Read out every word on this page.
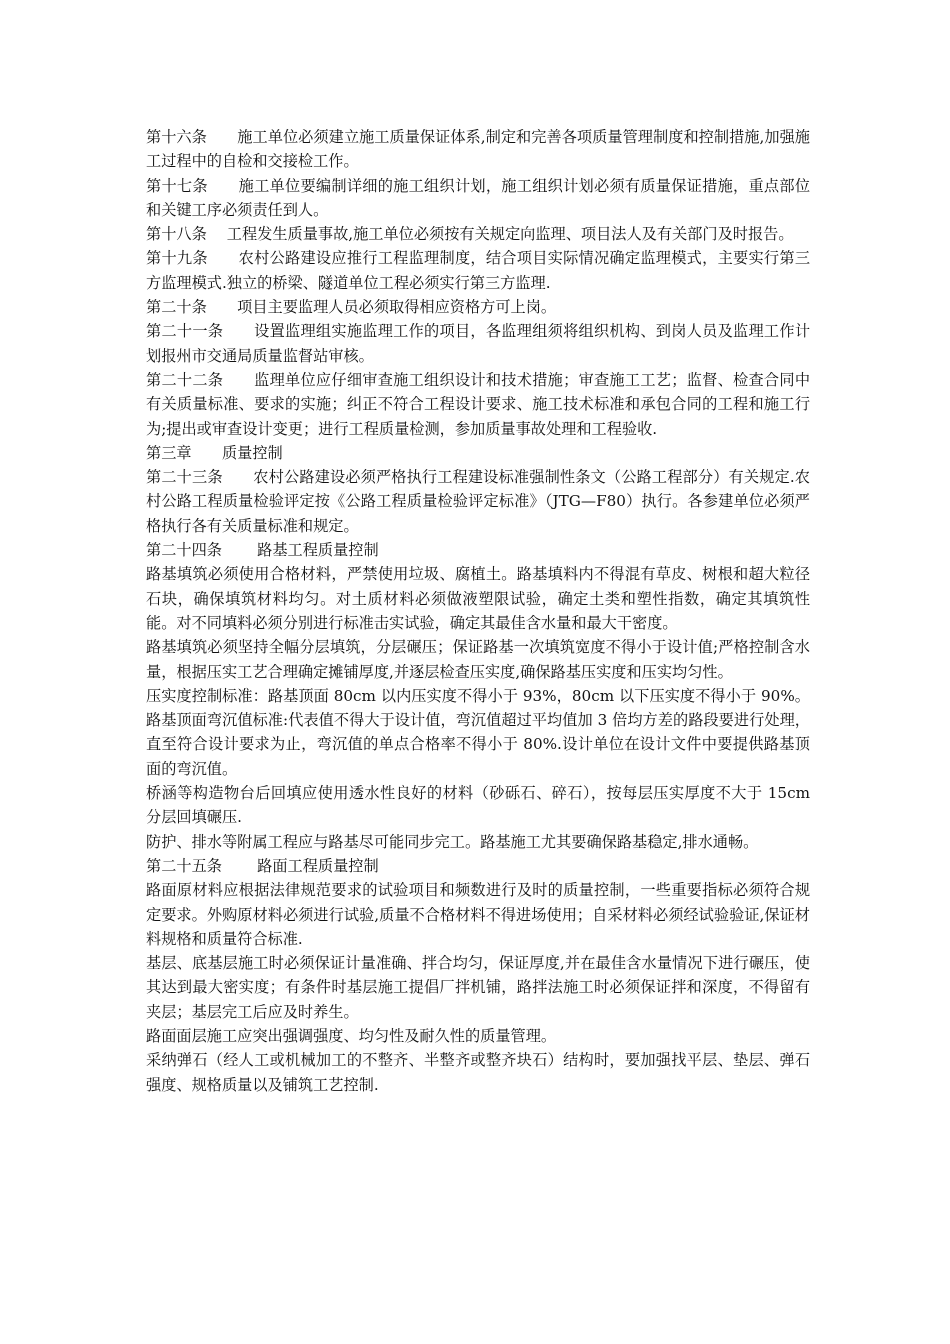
第十六条　　施工单位必须建立施工质量保证体系,制定和完善各项质量管理制度和控制措施,加强施工过程中的自检和交接检工作。

第十七条　　施工单位要编制详细的施工组织计划，施工组织计划必须有质量保证措施，重点部位和关键工序必须责任到人。

第十八条　 工程发生质量事故,施工单位必须按有关规定向监理、项目法人及有关部门及时报告。

第十九条　　农村公路建设应推行工程监理制度，结合项目实际情况确定监理模式，主要实行第三方监理模式.独立的桥梁、隧道单位工程必须实行第三方监理.

第二十条　　项目主要监理人员必须取得相应资格方可上岗。

第二十一条　　设置监理组实施监理工作的项目，各监理组须将组织机构、到岗人员及监理工作计划报州市交通局质量监督站审核。

第二十二条　　监理单位应仔细审查施工组织设计和技术措施；审查施工工艺；监督、检查合同中有关质量标准、要求的实施；纠正不符合工程设计要求、施工技术标准和承包合同的工程和施工行为;提出或审查设计变更；进行工程质量检测，参加质量事故处理和工程验收.

第三章　　质量控制

第二十三条　　农村公路建设必须严格执行工程建设标准强制性条文（公路工程部分）有关规定.农村公路工程质量检验评定按《公路工程质量检验评定标准》（JTG—F80）执行。各参建单位必须严格执行各有关质量标准和规定。

第二十四条　　 路基工程质量控制

路基填筑必须使用合格材料，严禁使用垃圾、腐植土。路基填料内不得混有草皮、树根和超大粒径石块，确保填筑材料均匀。对土质材料必须做液塑限试验，确定土类和塑性指数，确定其填筑性能。对不同填料必须分别进行标准击实试验，确定其最佳含水量和最大干密度。

路基填筑必须坚持全幅分层填筑，分层碾压；保证路基一次填筑宽度不得小于设计值;严格控制含水量，根据压实工艺合理确定摊铺厚度,并逐层检查压实度,确保路基压实度和压实均匀性。

压实度控制标准：路基顶面 80cm 以内压实度不得小于 93%，80cm 以下压实度不得小于 90%。路基顶面弯沉值标准:代表值不得大于设计值，弯沉值超过平均值加 3 倍均方差的路段要进行处理，直至符合设计要求为止，弯沉值的单点合格率不得小于 80%.设计单位在设计文件中要提供路基顶面的弯沉值。

桥涵等构造物台后回填应使用透水性良好的材料（砂砾石、碎石），按每层压实厚度不大于 15cm 分层回填碾压.

防护、排水等附属工程应与路基尽可能同步完工。路基施工尤其要确保路基稳定,排水通畅。

第二十五条　　 路面工程质量控制

路面原材料应根据法律规范要求的试验项目和频数进行及时的质量控制，一些重要指标必须符合规定要求。外购原材料必须进行试验,质量不合格材料不得进场使用；自采材料必须经试验验证,保证材料规格和质量符合标准.

基层、底基层施工时必须保证计量准确、拌合均匀，保证厚度,并在最佳含水量情况下进行碾压，使其达到最大密实度；有条件时基层施工提倡厂拌机铺，路拌法施工时必须保证拌和深度，不得留有夹层；基层完工后应及时养生。

路面面层施工应突出强调强度、均匀性及耐久性的质量管理。

采纳弹石（经人工或机械加工的不整齐、半整齐或整齐块石）结构时，要加强找平层、垫层、弹石强度、规格质量以及铺筑工艺控制.
